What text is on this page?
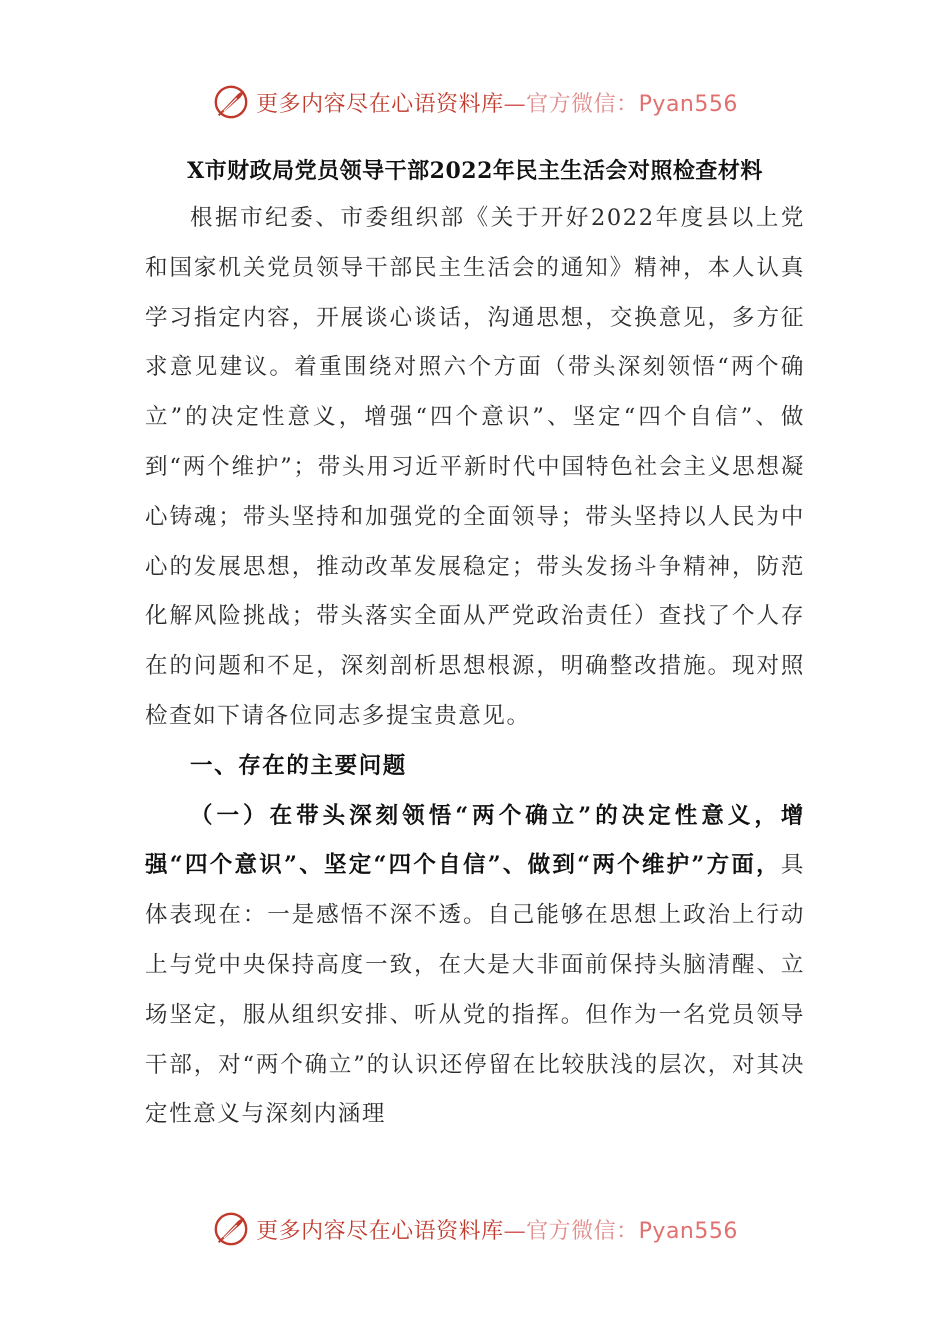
更多内容尽在心语资料库—官方微信：Pyan556
X市财政局党员领导干部2022年民主生活会对照检查材料

根据市纪委、市委组织部《关于开好2022年度县以上党和国家机关党员领导干部民主生活会的通知》精神，本人认真学习指定内容，开展谈心谈话，沟通思想，交换意见，多方征求意见建议。着重围绕对照六个方面（带头深刻领悟“两个确立”的决定性意义，增强“四个意识”、坚定“四个自信”、做到“两个维护”；带头用习近平新时代中国特色社会主义思想凝心铸魂；带头坚持和加强党的全面领导；带头坚持以人民为中心的发展思想，推动改革发展稳定；带头发扬斗争精神，防范化解风险挑战；带头落实全面从严党政治责任）查找了个人存在的问题和不足，深刻剖析思想根源，明确整改措施。现对照检查如下请各位同志多提宝贵意见。

一、存在的主要问题

（一）在带头深刻领悟“两个确立”的决定性意义，增强“四个意识”、坚定“四个自信”、做到“两个维护”方面，具体表现在：一是感悟不深不透。自己能够在思想上政治上行动上与党中央保持高度一致，在大是大非面前保持头脑清醒、立场坚定，服从组织安排、听从党的指挥。但作为一名党员领导干部，对“两个确立”的认识还停留在比较肤浅的层次，对其决定性意义与深刻内涵理

更多内容尽在心语资料库—官方微信：Pyan556
